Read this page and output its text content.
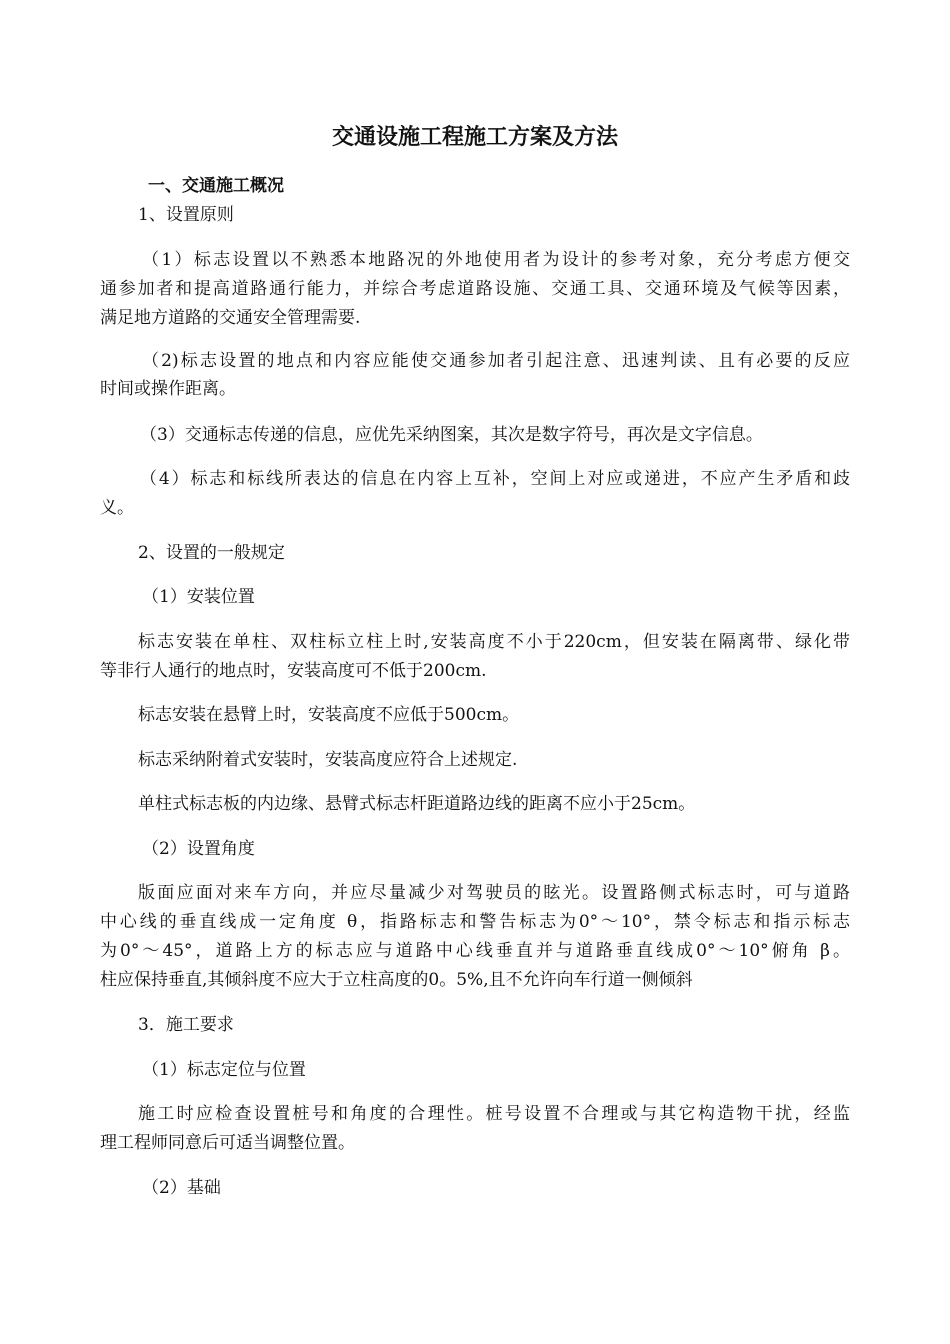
交通设施工程施工方案及方法
一、交通施工概况
1、设置原则
（1）标志设置以不熟悉本地路况的外地使用者为设计的参考对象，充分考虑方便交
通参加者和提高道路通行能力，并综合考虑道路设施、交通工具、交通环境及气候等因素，
满足地方道路的交通安全管理需要.
（2)标志设置的地点和内容应能使交通参加者引起注意、迅速判读、且有必要的反应
时间或操作距离。
（3）交通标志传递的信息，应优先采纳图案，其次是数字符号，再次是文字信息。
（4）标志和标线所表达的信息在内容上互补，空间上对应或递进，不应产生矛盾和歧
义。
2、设置的一般规定
（1）安装位置
标志安装在单柱、双柱标立柱上时,安装高度不小于220cm，但安装在隔离带、绿化带
等非行人通行的地点时，安装高度可不低于200cm.
标志安装在悬臂上时，安装高度不应低于500cm。
标志采纳附着式安装时，安装高度应符合上述规定.
单柱式标志板的内边缘、悬臂式标志杆距道路边线的距离不应小于25cm。
（2）设置角度
版面应面对来车方向，并应尽量减少对驾驶员的眩光。设置路侧式标志时，可与道路
中心线的垂直线成一定角度 θ，指路标志和警告标志为0°～10°，禁令标志和指示标志
为0°～45°，道路上方的标志应与道路中心线垂直并与道路垂直线成0°～10°俯角 β。
柱应保持垂直,其倾斜度不应大于立柱高度的0。5%,且不允许向车行道一侧倾斜
3．施工要求
（1）标志定位与位置
施工时应检查设置桩号和角度的合理性。桩号设置不合理或与其它构造物干扰，经监
理工程师同意后可适当调整位置。
（2）基础
